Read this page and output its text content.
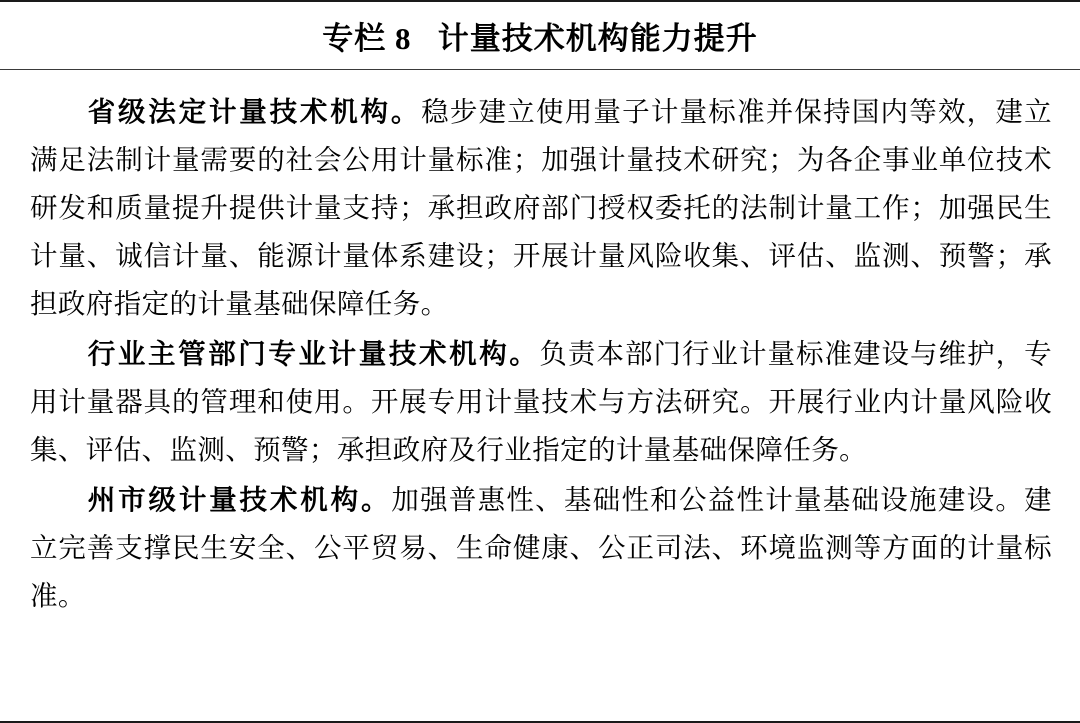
专栏 8   计量技术机构能力提升

省级法定计量技术机构。稳步建立使用量子计量标准并保持国内等效，建立满足法制计量需要的社会公用计量标准；加强计量技术研究；为各企事业单位技术研发和质量提升提供计量支持；承担政府部门授权委托的法制计量工作；加强民生计量、诚信计量、能源计量体系建设；开展计量风险收集、评估、监测、预警；承担政府指定的计量基础保障任务。

行业主管部门专业计量技术机构。负责本部门行业计量标准建设与维护，专用计量器具的管理和使用。开展专用计量技术与方法研究。开展行业内计量风险收集、评估、监测、预警；承担政府及行业指定的计量基础保障任务。

州市级计量技术机构。加强普惠性、基础性和公益性计量基础设施建设。建立完善支撑民生安全、公平贸易、生命健康、公正司法、环境监测等方面的计量标准。
